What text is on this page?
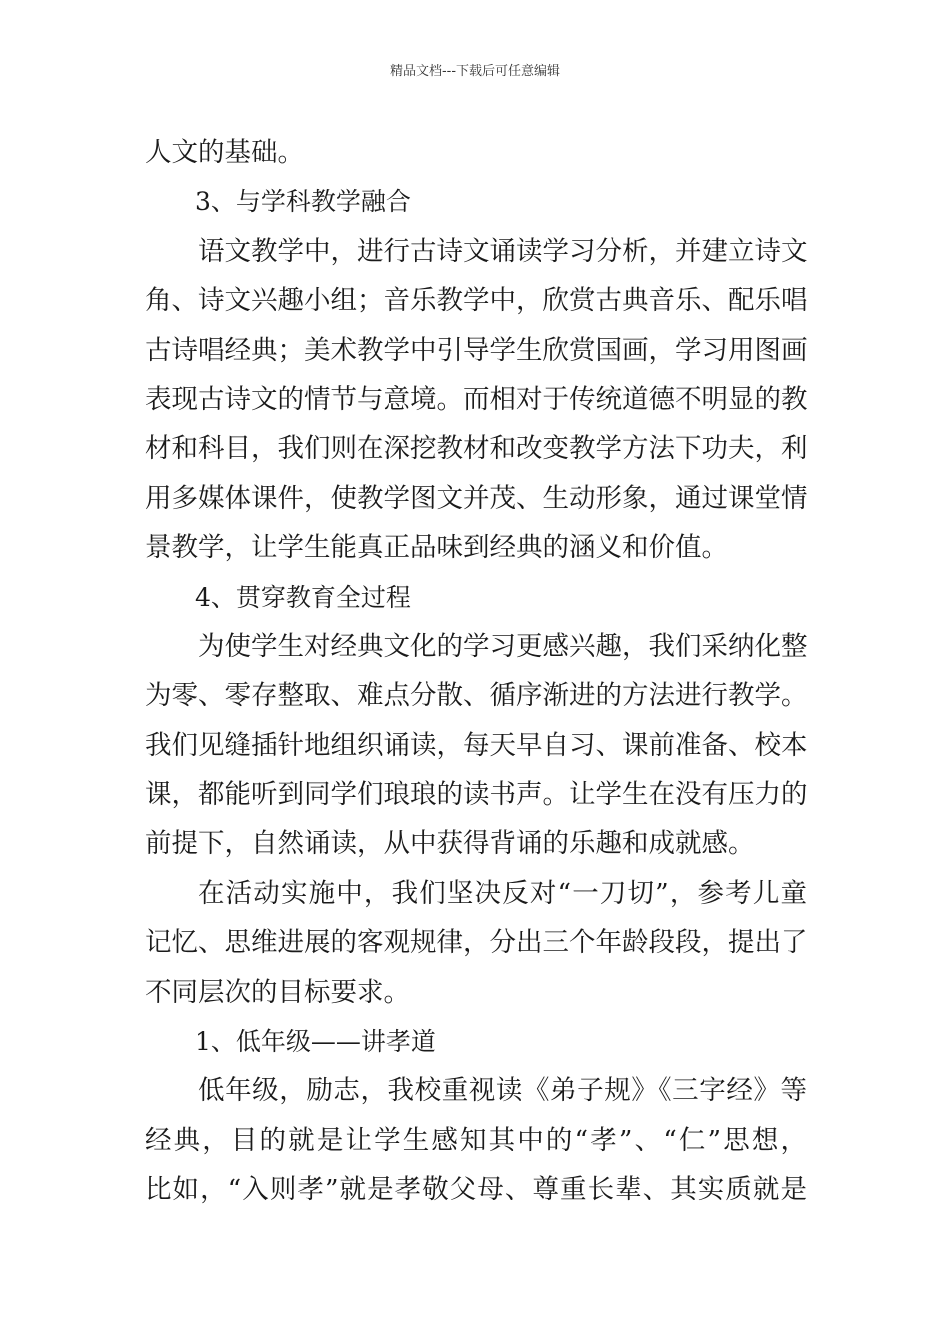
精品文档---下载后可任意编辑
人文的基础。
3、与学科教学融合
语文教学中，进行古诗文诵读学习分析，并建立诗文
角、诗文兴趣小组；音乐教学中，欣赏古典音乐、配乐唱
古诗唱经典；美术教学中引导学生欣赏国画，学习用图画
表现古诗文的情节与意境。而相对于传统道德不明显的教
材和科目，我们则在深挖教材和改变教学方法下功夫，利
用多媒体课件，使教学图文并茂、生动形象，通过课堂情
景教学，让学生能真正品味到经典的涵义和价值。
4、贯穿教育全过程
为使学生对经典文化的学习更感兴趣，我们采纳化整
为零、零存整取、难点分散、循序渐进的方法进行教学。
我们见缝插针地组织诵读，每天早自习、课前准备、校本
课，都能听到同学们琅琅的读书声。让学生在没有压力的
前提下，自然诵读，从中获得背诵的乐趣和成就感。
在活动实施中，我们坚决反对“一刀切”，参考儿童
记忆、思维进展的客观规律，分出三个年龄段段，提出了
不同层次的目标要求。
1、低年级——讲孝道
低年级，励志，我校重视读《弟子规》《三字经》等
经典，目的就是让学生感知其中的“孝”、“仁”思想，
比如，“入则孝”就是孝敬父母、尊重长辈、其实质就是
